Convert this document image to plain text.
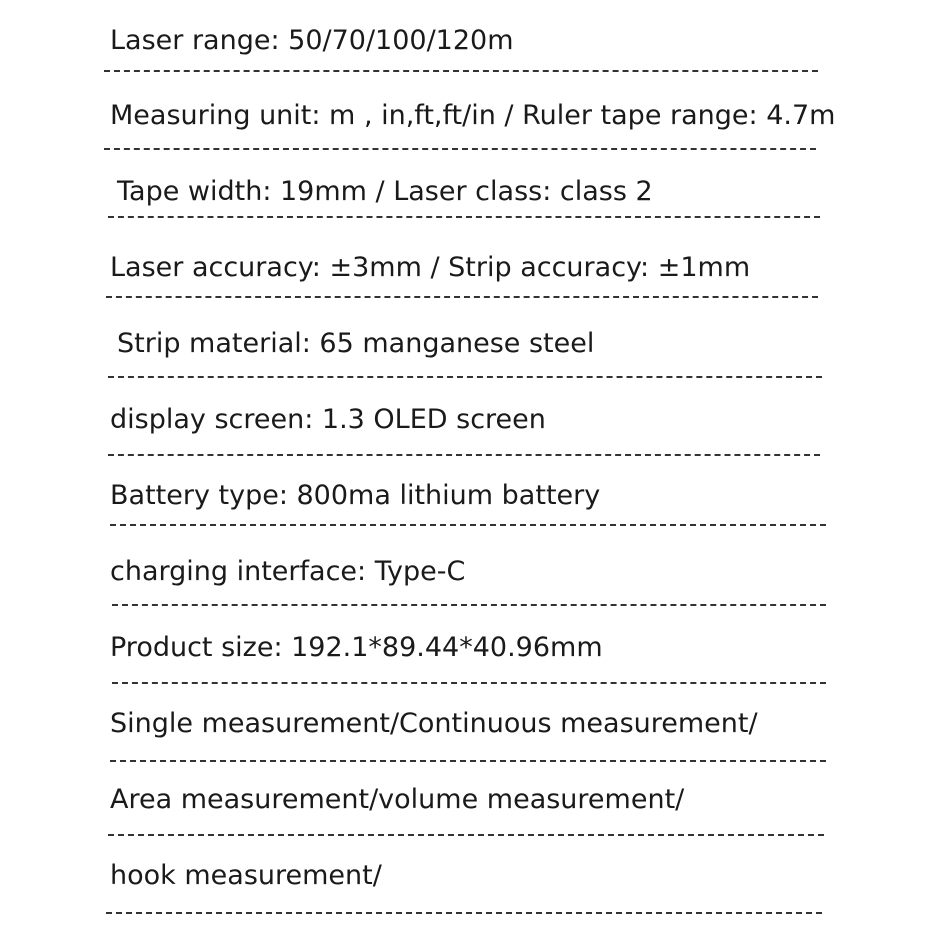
Laser range: 50/70/100/120m
Measuring unit: m , in,ft,ft/in / Ruler tape range: 4.7m
Tape width: 19mm / Laser class: class 2
Laser accuracy: ±3mm / Strip accuracy: ±1mm
Strip material: 65 manganese steel
display screen: 1.3 OLED screen
Battery type: 800ma lithium battery
charging interface: Type-C
Product size: 192.1*89.44*40.96mm
Single measurement/Continuous measurement/
Area measurement/volume measurement/
hook measurement/
